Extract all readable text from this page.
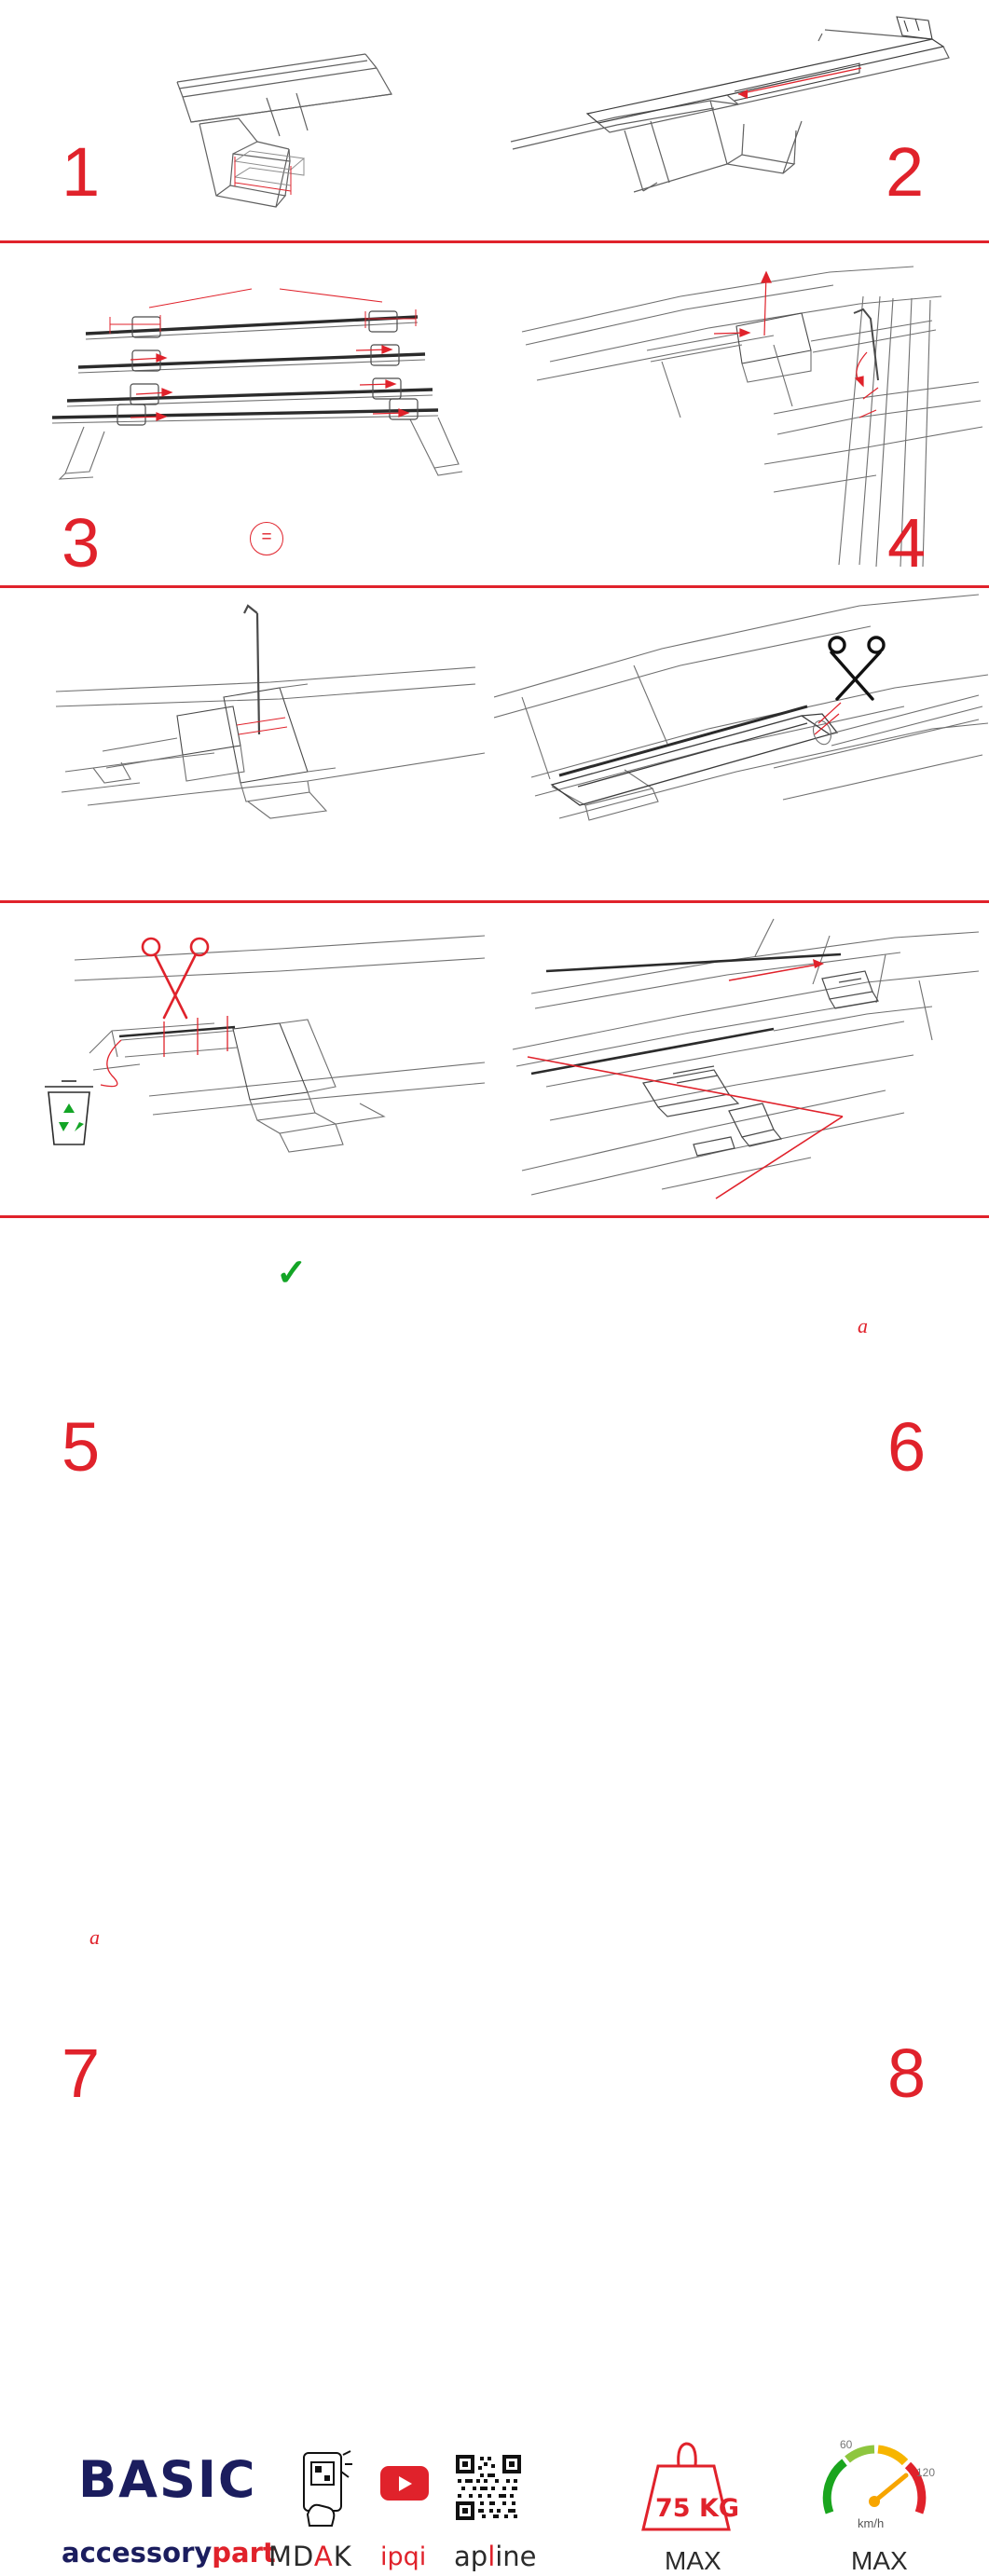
1	2
=
3	4
✓
5
a
6
a
7	8
BASIC
accessorypart
MDAK ipqi apline
75 KG
MAX
60
120
km/h
MAX
